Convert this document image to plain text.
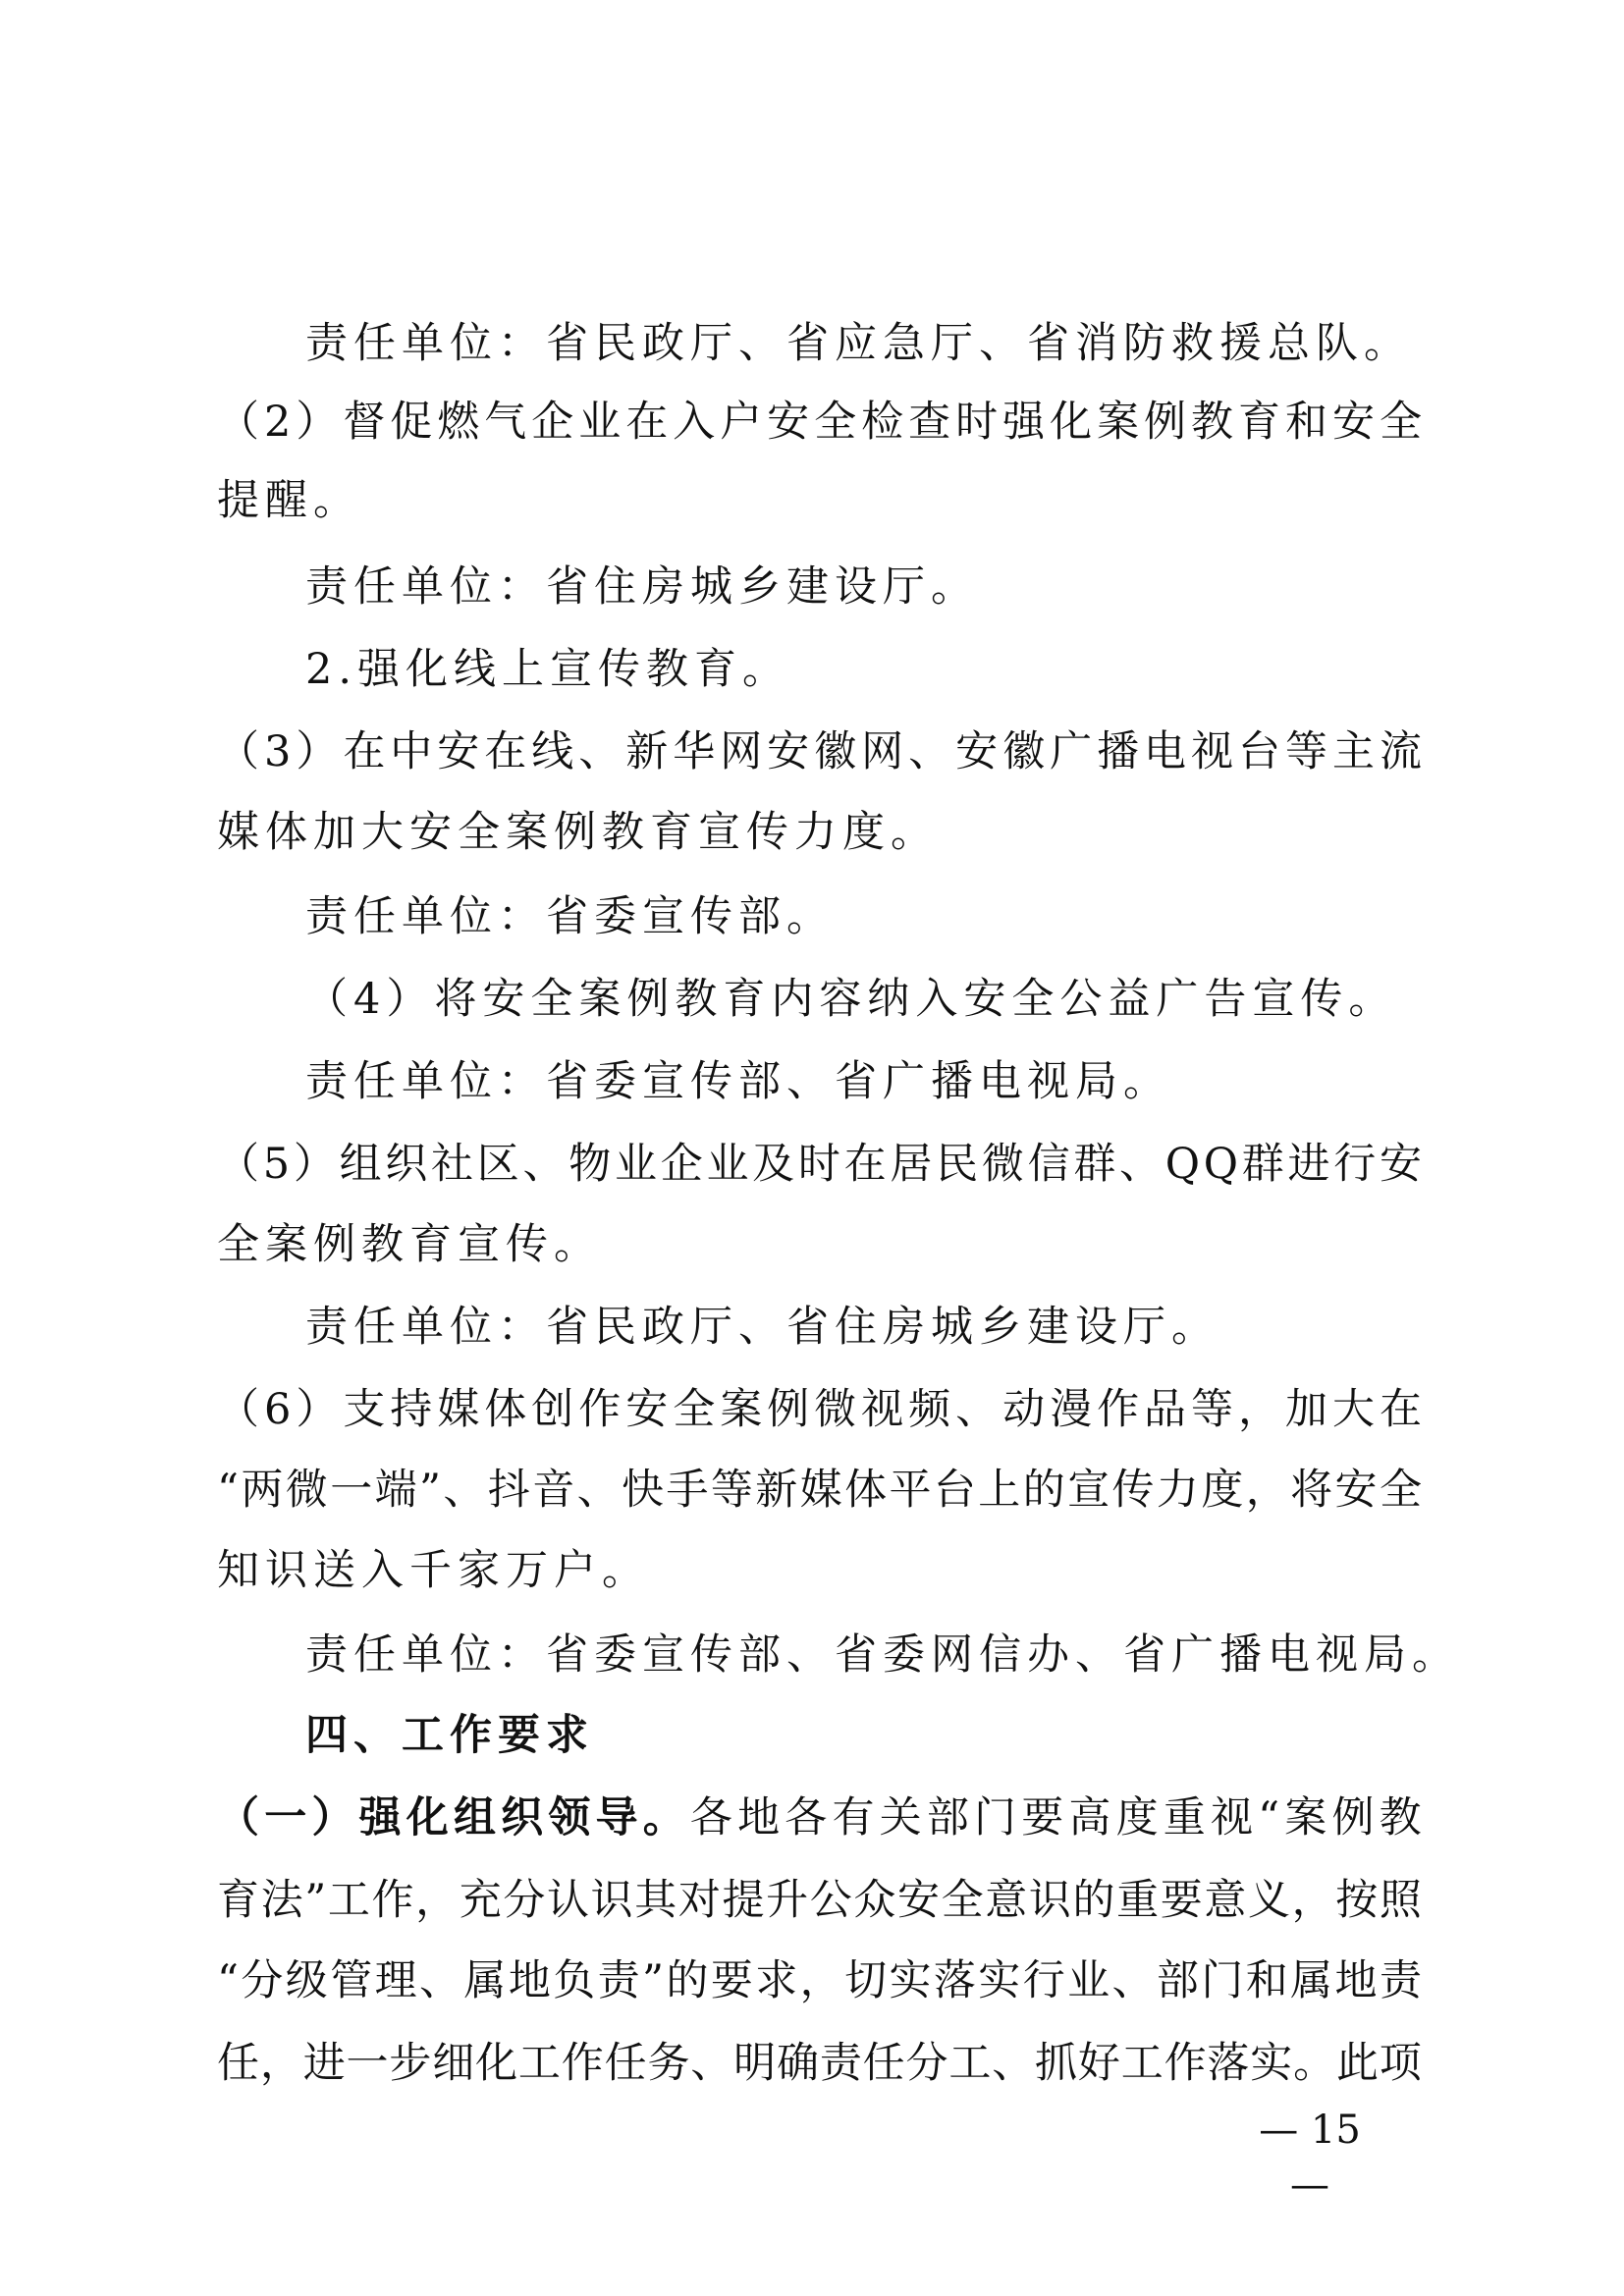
责任单位：省民政厅、省应急厅、省消防救援总队。
（ 2 ） 督 促 燃 气 企 业 在 入 户 安 全 检 查 时 强 化 案 例 教 育 和 安 全
提醒。
责任单位：省住房城乡建设厅。
2.强化线上宣传教育。
（ 3 ） 在 中 安 在 线 、 新 华 网 安 徽 网 、 安 徽 广 播 电 视 台 等 主 流
媒体加大安全案例教育宣传力度。
责任单位：省委宣传部。
（4）将安全案例教育内容纳入安全公益广告宣传。
责任单位：省委宣传部、省广播电视局。
（ 5 ） 组 织 社 区 、 物 业 企 业 及 时 在 居 民 微 信 群 、 Q Q 群 进 行 安
全案例教育宣传。
责任单位：省民政厅、省住房城乡建设厅。
（ 6 ） 支 持 媒 体 创 作 安 全 案 例 微 视 频 、 动 漫 作 品 等 ， 加 大 在
“ 两 微 一 端 ” 、 抖 音 、 快 手 等 新 媒 体 平 台 上 的 宣 传 力 度 ， 将 安 全
知识送入千家万户。
责任单位：省委宣传部、省委网信办、省广播电视局。
四、工作要求
（ 一 ） 强 化 组 织 领 导 。 各 地 各 有 关 部 门 要 高 度 重 视 “ 案 例 教
育 法 ” 工 作 ， 充 分 认 识 其 对 提 升 公 众 安 全 意 识 的 重 要 意 义 ， 按 照
“ 分 级 管 理 、 属 地 负 责 ” 的 要 求 ， 切 实 落 实 行 业 、 部 门 和 属 地 责
任 ， 进 一 步 细 化 工 作 任 务 、 明 确 责 任 分 工 、 抓 好 工 作 落 实 。 此 项
— 15 —
